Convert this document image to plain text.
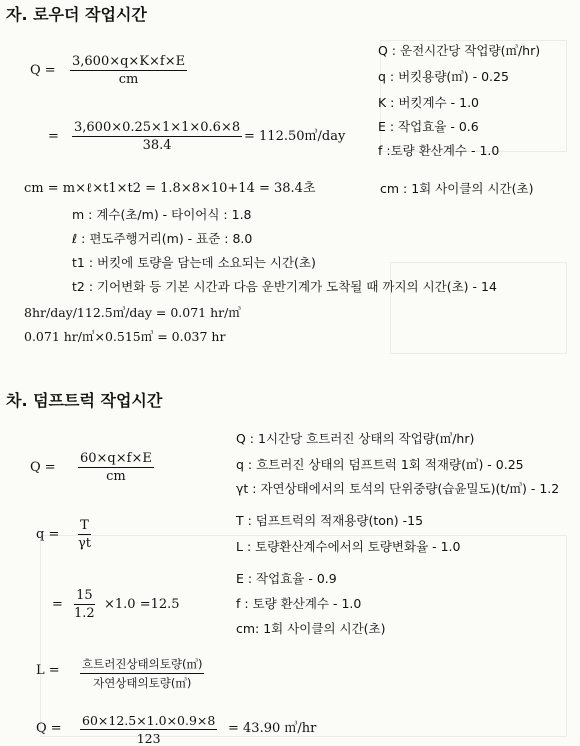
자. 로우더 작업시간
$Q = \frac{3,600\times q\times K\times f\times E}{cm}$
= $\frac{3,600\times 0.25\times 1\times 1\times 0.6\times 8}{38.4}$ = 112.50㎥/day
Q : 운전시간당 작업량(㎥/hr)
q : 버킷용량(㎥) - 0.25
K : 버킷계수 - 1.0
E : 작업효율 - 0.6
f :토량 환산계수 - 1.0
cm = m×ℓ×t1×t2 = 1.8×8×10+14 = 38.4초	cm : 1회 사이클의 시간(초)
m : 계수(초/m) - 타이어식 : 1.8
ℓ : 편도주행거리(m) - 표준 : 8.0
t1 : 버킷에 토량을 담는데 소요되는 시간(초)
t2 : 기어변화 등 기본 시간과 다음 운반기계가 도착될 때 까지의 시간(초) - 14
8hr/day/112.5㎥/day = 0.071 hr/㎥
0.071 hr/㎥×0.515㎥ = 0.037 hr
차. 덤프트럭 작업시간
$Q = \frac{60\times q\times f\times E}{cm}$
Q : 1시간당 흐트러진 상태의 작업량(㎥/hr)
q : 흐트러진 상태의 덤프트럭 1회 적재량(㎥) - 0.25
γt : 자연상태에서의 토석의 단위중량(습윤밀도)(t/㎥) - 1.2
$q = \frac{T}{\gamma t}$	T : 덤프트럭의 적재용량(ton) -15
L : 토량환산계수에서의 토량변화율 - 1.0
= $\frac{15}{1.2} \times 1.0 =12.5$
E : 작업효율 - 0.9
f : 토량 환산계수 - 1.0
cm: 1회 사이클의 시간(초)
L = 흐트러진상태의토량(㎥)
자연상태의토량(㎥)
$Q = \frac{60\times 12.5\times 1.0\times 0.9\times 8}{123} = 43.90$ ㎥/hr
